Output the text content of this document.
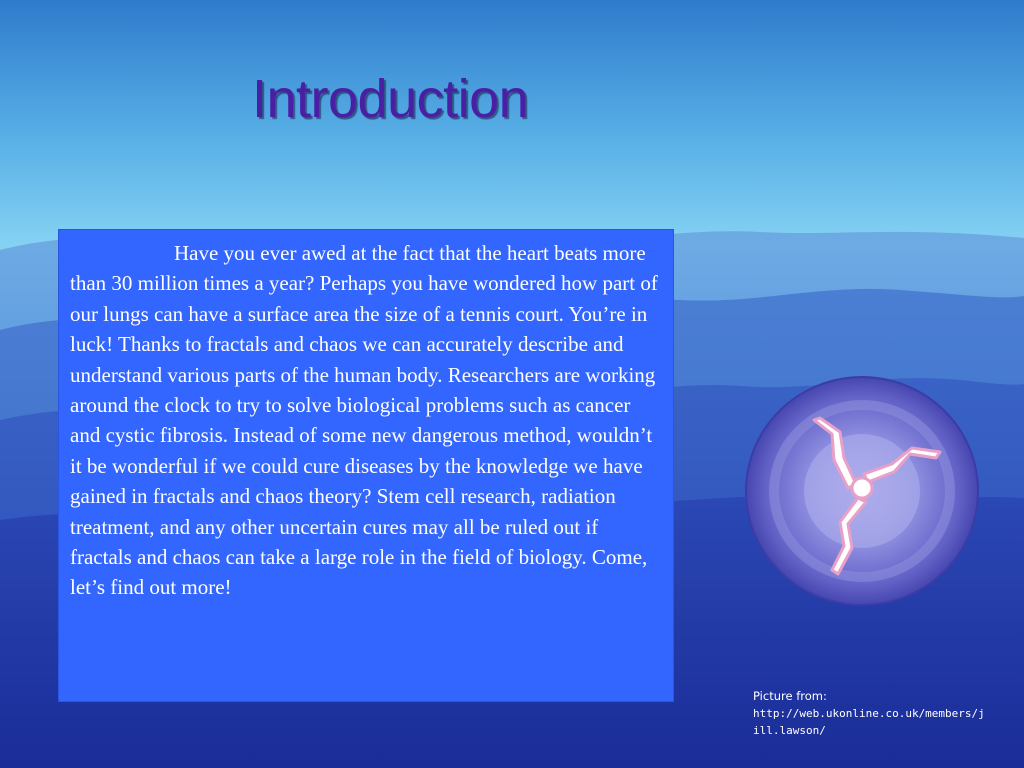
Introduction

Have you ever awed at the fact that the heart beats more than 30 million times a year? Perhaps you have wondered how part of our lungs can have a surface area the size of a tennis court. You’re in luck! Thanks to fractals and chaos we can accurately describe and understand various parts of the human body. Researchers are working around the clock to try to solve biological problems such as cancer and cystic fibrosis. Instead of some new dangerous method, wouldn’t it be wonderful if we could cure diseases by the knowledge we have gained in fractals and chaos theory? Stem cell research, radiation treatment, and any other uncertain cures may all be ruled out if fractals and chaos can take a large role in the field of biology. Come, let’s find out more!

Picture from:
http://web.ukonline.co.uk/members/jill.lawson/
